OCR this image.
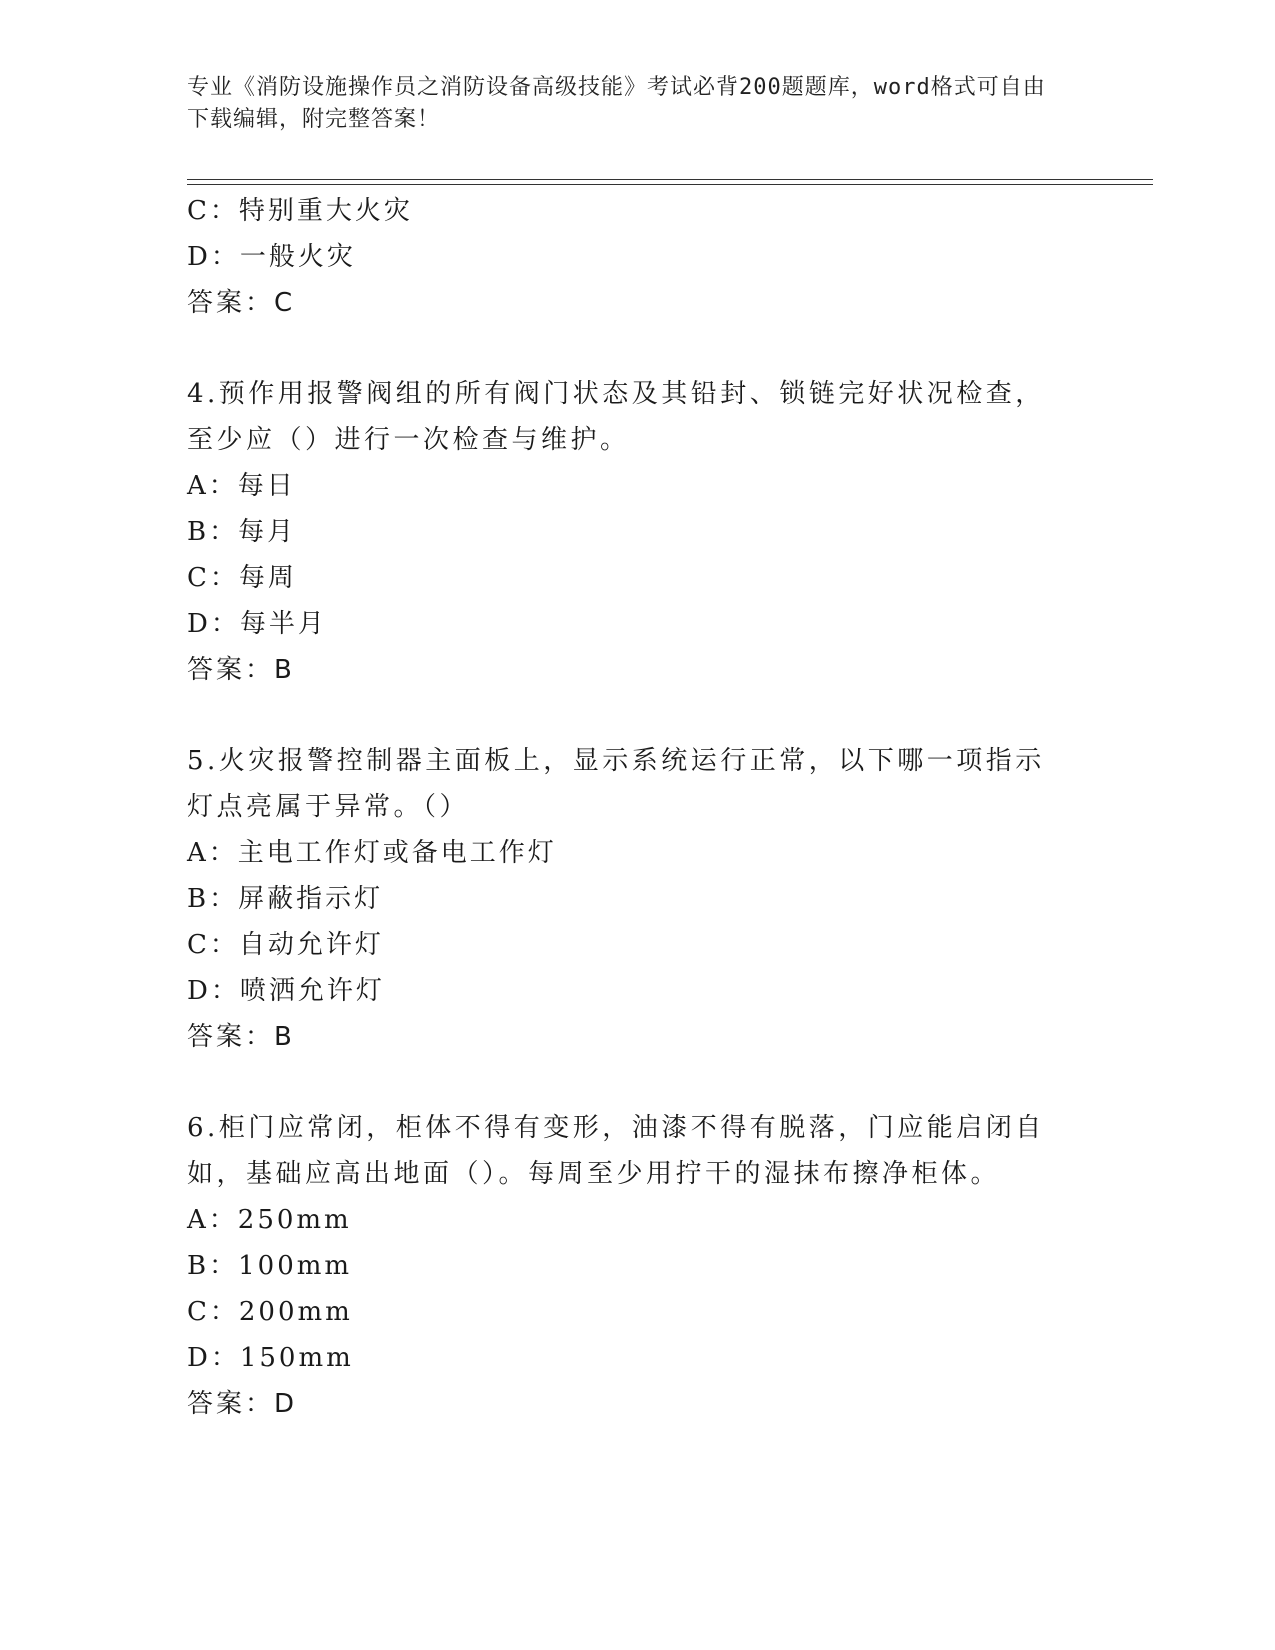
专业《消防设施操作员之消防设备高级技能》考试必背200题题库，word格式可自由下载编辑，附完整答案！
C：特别重大火灾
D：一般火灾
答案：C
4.预作用报警阀组的所有阀门状态及其铅封、锁链完好状况检查，至少应（）进行一次检查与维护。
A：每日
B：每月
C：每周
D：每半月
答案：B
5.火灾报警控制器主面板上，显示系统运行正常，以下哪一项指示灯点亮属于异常。（）
A：主电工作灯或备电工作灯
B：屏蔽指示灯
C：自动允许灯
D：喷洒允许灯
答案：B
6.柜门应常闭，柜体不得有变形，油漆不得有脱落，门应能启闭自如，基础应高出地面（）。每周至少用拧干的湿抹布擦净柜体。
A：250mm
B：100mm
C：200mm
D：150mm
答案：D
